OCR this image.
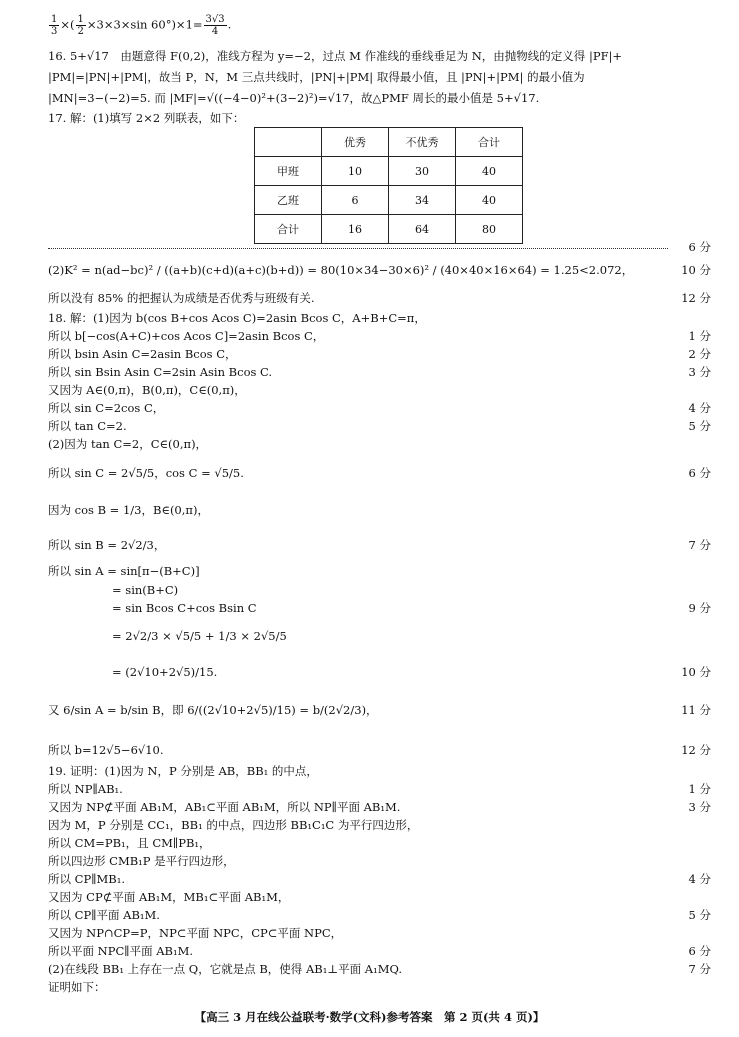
$\frac{1}{3}$ ×( $\frac{1}{2} \times 3\times 3\times\sin$ $60^\circ)\times 1= \frac{3√3}{4}$ .
16. 5+√17　由题意得 F(0,2)，准线方程为 y=−2，过点 M 作准线的垂线垂足为 N，由抛物线的定义得 |PF|+
|PM|=|PN|+|PM|，故当 P，N，M 三点共线时，|PN|+|PM| 取得最小值，且 |PN|+|PM| 的最小值为
|MN|=3−(−2)=5. 而 |MF|=√((−4−0)²+(3−2)²)=√17，故△PMF 周长的最小值是 5+√17.
17. 解：(1)填写 2×2 列联表，如下：
	优秀	不优秀	合计
甲班	10	30	40
乙班	6	34	40
合计	16	64	80
6 分
(2)K² = n(ad−bc)² / ((a+b)(c+d)(a+c)(b+d)) = 80(10×34−30×6)² / (40×40×16×64) = 1.25<2.072，	10 分
所以没有 85% 的把握认为成绩是否优秀与班级有关.	12 分
18. 解：(1)因为 b(cos B+cos Acos C)=2asin Bcos C，A+B+C=π，
所以 b[−cos(A+C)+cos Acos C]=2asin Bcos C，	1 分
所以 bsin Asin C=2asin Bcos C，	2 分
所以 sin Bsin Asin C=2sin Asin Bcos C.	3 分
又因为 A∈(0,π)，B(0,π)，C∈(0,π)，
所以 sin C=2cos C，	4 分
所以 tan C=2.	5 分
(2)因为 tan C=2，C∈(0,π)，
所以 sin C = 2√5/5，cos C = √5/5.	6 分
因为 cos B = 1/3，B∈(0,π)，
所以 sin B = 2√2/3，	7 分
所以 sin A = sin[π−(B+C)]
= sin(B+C)
= sin Bcos C+cos Bsin C	9 分
= 2√2/3 × √5/5 + 1/3 × 2√5/5
= (2√10+2√5)/15.	10 分
又 6/sin A = b/sin B，即 6/((2√10+2√5)/15) = b/(2√2/3)，	11 分
所以 b=12√5−6√10.	12 分
19. 证明：(1)因为 N，P 分别是 AB，BB₁ 的中点，
所以 NP∥AB₁.	1 分
又因为 NP⊄平面 AB₁M，AB₁⊂平面 AB₁M，所以 NP∥平面 AB₁M.	3 分
因为 M，P 分别是 CC₁，BB₁ 的中点，四边形 BB₁C₁C 为平行四边形，
所以 CM=PB₁，且 CM∥PB₁，
所以四边形 CMB₁P 是平行四边形，
所以 CP∥MB₁.	4 分
又因为 CP⊄平面 AB₁M，MB₁⊂平面 AB₁M，
所以 CP∥平面 AB₁M.	5 分
又因为 NP∩CP=P，NP⊂平面 NPC，CP⊂平面 NPC，
所以平面 NPC∥平面 AB₁M.	6 分
(2)在线段 BB₁ 上存在一点 Q，它就是点 B，使得 AB₁⊥平面 A₁MQ.	7 分
证明如下：
【高三 3 月在线公益联考·数学(文科)参考答案　第 2 页(共 4 页)】
